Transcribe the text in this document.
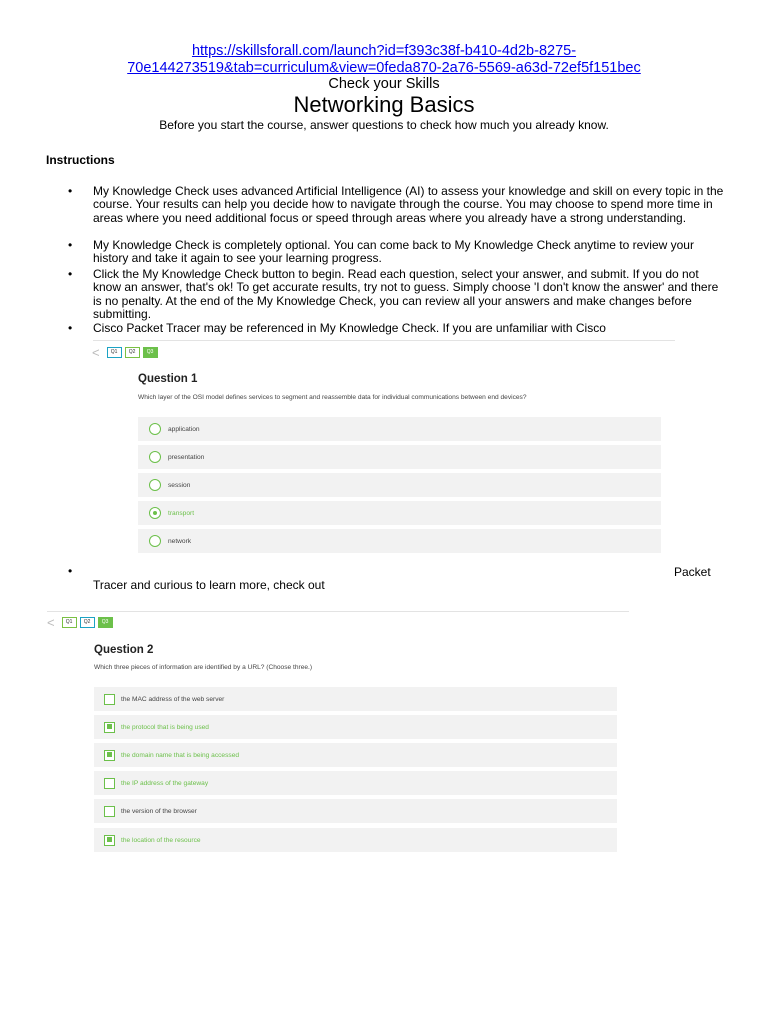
https://skillsforall.com/launch?id=f393c38f-b410-4d2b-8275-
70e144273519&tab=curriculum&view=0feda870-2a76-5569-a63d-72ef5f151bec
Check your Skills
Networking Basics
Before you start the course, answer questions to check how much you already know.
Instructions
• My Knowledge Check uses advanced Artificial Intelligence (AI) to assess your knowledge and skill on every topic in the course. Your results can help you decide how to navigate through the course. You may choose to spend more time in areas where you need additional focus or speed through areas where you already have a strong understanding.
• My Knowledge Check is completely optional. You can come back to My Knowledge Check anytime to review your history and take it again to see your learning progress.
• Click the My Knowledge Check button to begin. Read each question, select your answer, and submit. If you do not know an answer, that's ok! To get accurate results, try not to guess. Simply choose 'I don't know the answer' and there is no penalty. At the end of the My Knowledge Check, you can review all your answers and make changes before submitting.
• Cisco Packet Tracer may be referenced in My Knowledge Check. If you are unfamiliar with Cisco
<	Q1	Q2	Q3
Question 1
Which layer of the OSI model defines services to segment and reassemble data for individual communications between end devices?
application
presentation
session
transport
network
•	Packet
Tracer and curious to learn more, check out
<	Q1	Q2	Q3
Question 2
Which three pieces of information are identified by a URL? (Choose three.)
the MAC address of the web server
the protocol that is being used
the domain name that is being accessed
the IP address of the gateway
the version of the browser
the location of the resource
